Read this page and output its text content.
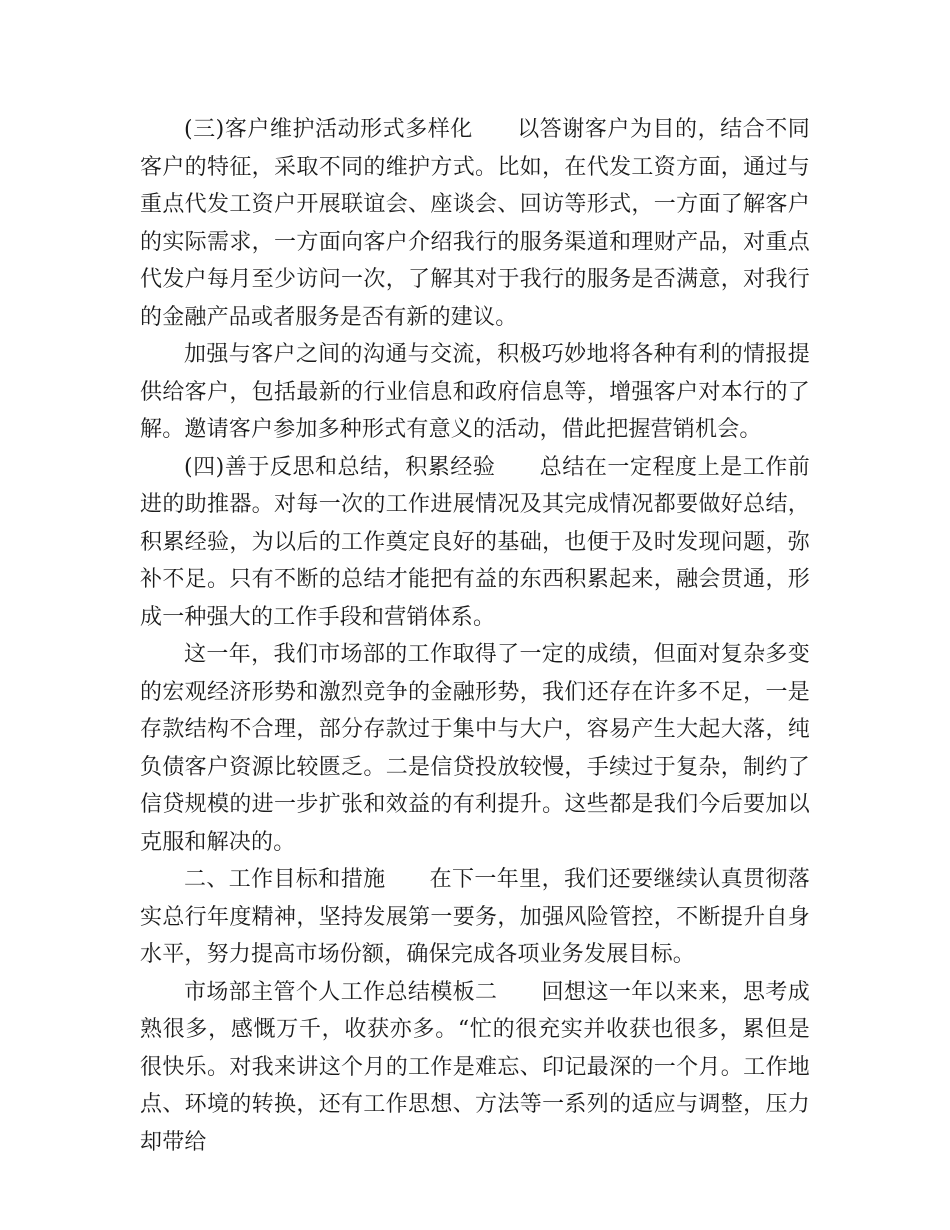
(三)客户维护活动形式多样化 以答谢客户为目的，结合不同客户的特征，采取不同的维护方式。比如，在代发工资方面，通过与重点代发工资户开展联谊会、座谈会、回访等形式，一方面了解客户的实际需求，一方面向客户介绍我行的服务渠道和理财产品，对重点代发户每月至少访问一次，了解其对于我行的服务是否满意，对我行的金融产品或者服务是否有新的建议。

加强与客户之间的沟通与交流，积极巧妙地将各种有利的情报提供给客户，包括最新的行业信息和政府信息等，增强客户对本行的了解。邀请客户参加多种形式有意义的活动，借此把握营销机会。

(四)善于反思和总结，积累经验 总结在一定程度上是工作前进的助推器。对每一次的工作进展情况及其完成情况都要做好总结，积累经验，为以后的工作奠定良好的基础，也便于及时发现问题，弥补不足。只有不断的总结才能把有益的东西积累起来，融会贯通，形成一种强大的工作手段和营销体系。

这一年，我们市场部的工作取得了一定的成绩，但面对复杂多变的宏观经济形势和激烈竞争的金融形势，我们还存在许多不足，一是存款结构不合理，部分存款过于集中与大户，容易产生大起大落，纯负债客户资源比较匮乏。二是信贷投放较慢，手续过于复杂，制约了信贷规模的进一步扩张和效益的有利提升。这些都是我们今后要加以克服和解决的。

二、工作目标和措施 在下一年里，我们还要继续认真贯彻落实总行年度精神，坚持发展第一要务，加强风险管控，不断提升自身水平，努力提高市场份额，确保完成各项业务发展目标。

市场部主管个人工作总结模板二 回想这一年以来来，思考成熟很多，感慨万千，收获亦多。“忙的很充实并收获也很多，累但是很快乐。对我来讲这个月的工作是难忘、印记最深的一个月。工作地点、环境的转换，还有工作思想、方法等一系列的适应与调整，压力却带给
